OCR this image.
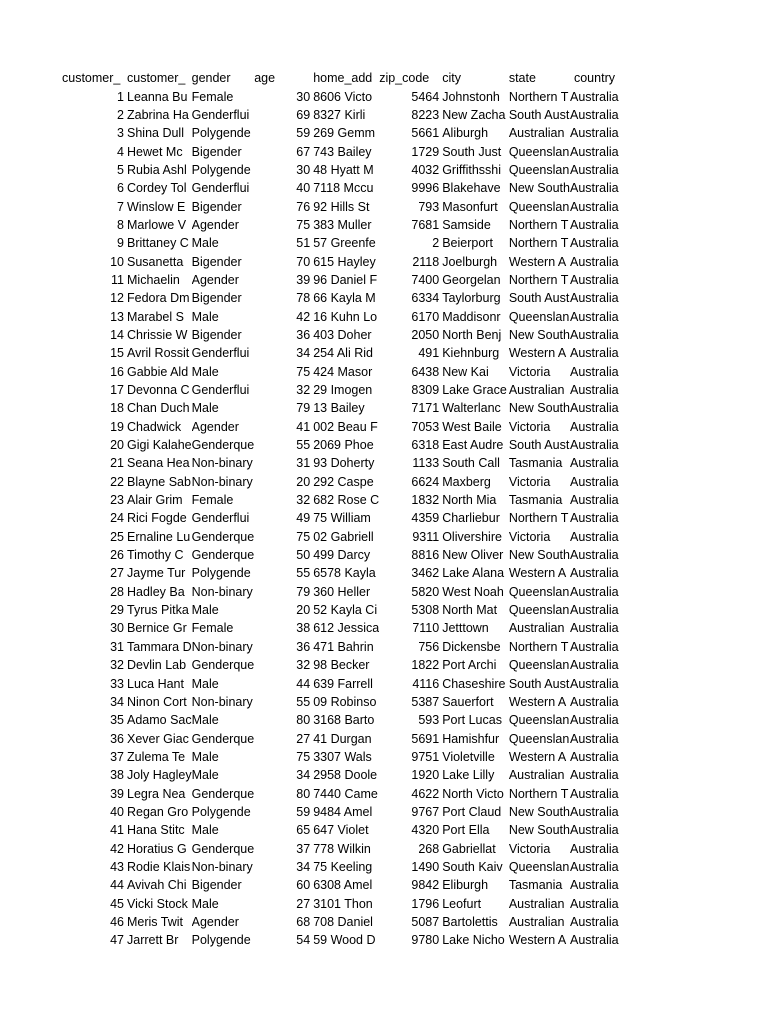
customer_	customer_	gender	age	home_add	zip_code	city	state	country
1	Leanna Bu	Female	30	8606 Victo	5464	Johnstonh	Northern T	Australia
2	Zabrina Ha	Genderflui	69	8327 Kirli	8223	New Zacha	South Aust	Australia
3	Shina Dull	Polygende	59	269 Gemm	5661	Aliburgh	Australian	Australia
4	Hewet Mc	Bigender	67	743 Bailey	1729	South Just	Queenslan	Australia
5	Rubia Ashl	Polygende	30	48 Hyatt M	4032	Griffithsshi	Queenslan	Australia
6	Cordey Tol	Genderflui	40	7118 Mccu	9996	Blakehave	New South	Australia
7	Winslow E	Bigender	76	92 Hills St	793	Masonfurt	Queenslan	Australia
8	Marlowe V	Agender	75	383 Muller	7681	Samside	Northern T	Australia
9	Brittaney C	Male	51	57 Greenfe	2	Beierport	Northern T	Australia
10	Susanetta	Bigender	70	615 Hayley	2118	Joelburgh	Western A	Australia
11	Michaelin	Agender	39	96 Daniel F	7400	Georgelan	Northern T	Australia
12	Fedora Dm	Bigender	78	66 Kayla M	6334	Taylorburg	South Aust	Australia
13	Marabel S	Male	42	16 Kuhn Lo	6170	Maddisonr	Queenslan	Australia
14	Chrissie W	Bigender	36	403 Doher	2050	North Benj	New South	Australia
15	Avril Rossit	Genderflui	34	254 Ali Rid	491	Kiehnburg	Western A	Australia
16	Gabbie Ald	Male	75	424 Masor	6438	New Kai	Victoria	Australia
17	Devonna C	Genderflui	32	29 Imogen	8309	Lake Grace	Australian	Australia
18	Chan Duch	Male	79	13 Bailey	7171	Walterlanc	New South	Australia
19	Chadwick	Agender	41	002 Beau F	7053	West Baile	Victoria	Australia
20	Gigi Kalahe	Genderque	55	2069 Phoe	6318	East Audre	South Aust	Australia
21	Seana Hea	Non-binary	31	93 Doherty	1133	South Call	Tasmania	Australia
22	Blayne Sab	Non-binary	20	292 Caspe	6624	Maxberg	Victoria	Australia
23	Alair Grim	Female	32	682 Rose C	1832	North Mia	Tasmania	Australia
24	Rici Fogde	Genderflui	49	75 William	4359	Charliebur	Northern T	Australia
25	Ernaline Lu	Genderque	75	02 Gabriell	9311	Olivershire	Victoria	Australia
26	Timothy C	Genderque	50	499 Darcy	8816	New Oliver	New South	Australia
27	Jayme Tur	Polygende	55	6578 Kayla	3462	Lake Alana	Western A	Australia
28	Hadley Ba	Non-binary	79	360 Heller	5820	West Noah	Queenslan	Australia
29	Tyrus Pitka	Male	20	52 Kayla Ci	5308	North Mat	Queenslan	Australia
30	Bernice Gr	Female	38	612 Jessica	7110	Jetttown	Australian	Australia
31	Tammara D	Non-binary	36	471 Bahrin	756	Dickensbe	Northern T	Australia
32	Devlin Lab	Genderque	32	98 Becker	1822	Port Archi	Queenslan	Australia
33	Luca Hant	Male	44	639 Farrell	4116	Chaseshire	South Aust	Australia
34	Ninon Cort	Non-binary	55	09 Robinso	5387	Sauerfort	Western A	Australia
35	Adamo Sac	Male	80	3168 Barto	593	Port Lucas	Queenslan	Australia
36	Xever Giac	Genderque	27	41 Durgan	5691	Hamishfur	Queenslan	Australia
37	Zulema Te	Male	75	3307 Wals	9751	Violetville	Western A	Australia
38	Joly Hagley	Male	34	2958 Doole	1920	Lake Lilly	Australian	Australia
39	Legra Nea	Genderque	80	7440 Came	4622	North Victo	Northern T	Australia
40	Regan Gro	Polygende	59	9484 Amel	9767	Port Claud	New South	Australia
41	Hana Stitc	Male	65	647 Violet	4320	Port Ella	New South	Australia
42	Horatius G	Genderque	37	778 Wilkin	268	Gabriellat	Victoria	Australia
43	Rodie Klais	Non-binary	34	75 Keeling	1490	South Kaiv	Queenslan	Australia
44	Avivah Chi	Bigender	60	6308 Amel	9842	Eliburgh	Tasmania	Australia
45	Vicki Stock	Male	27	3101 Thon	1796	Leofurt	Australian	Australia
46	Meris Twit	Agender	68	708 Daniel	5087	Bartolettis	Australian	Australia
47	Jarrett Br	Polygende	54	59 Wood D	9780	Lake Nicho	Western A	Australia
